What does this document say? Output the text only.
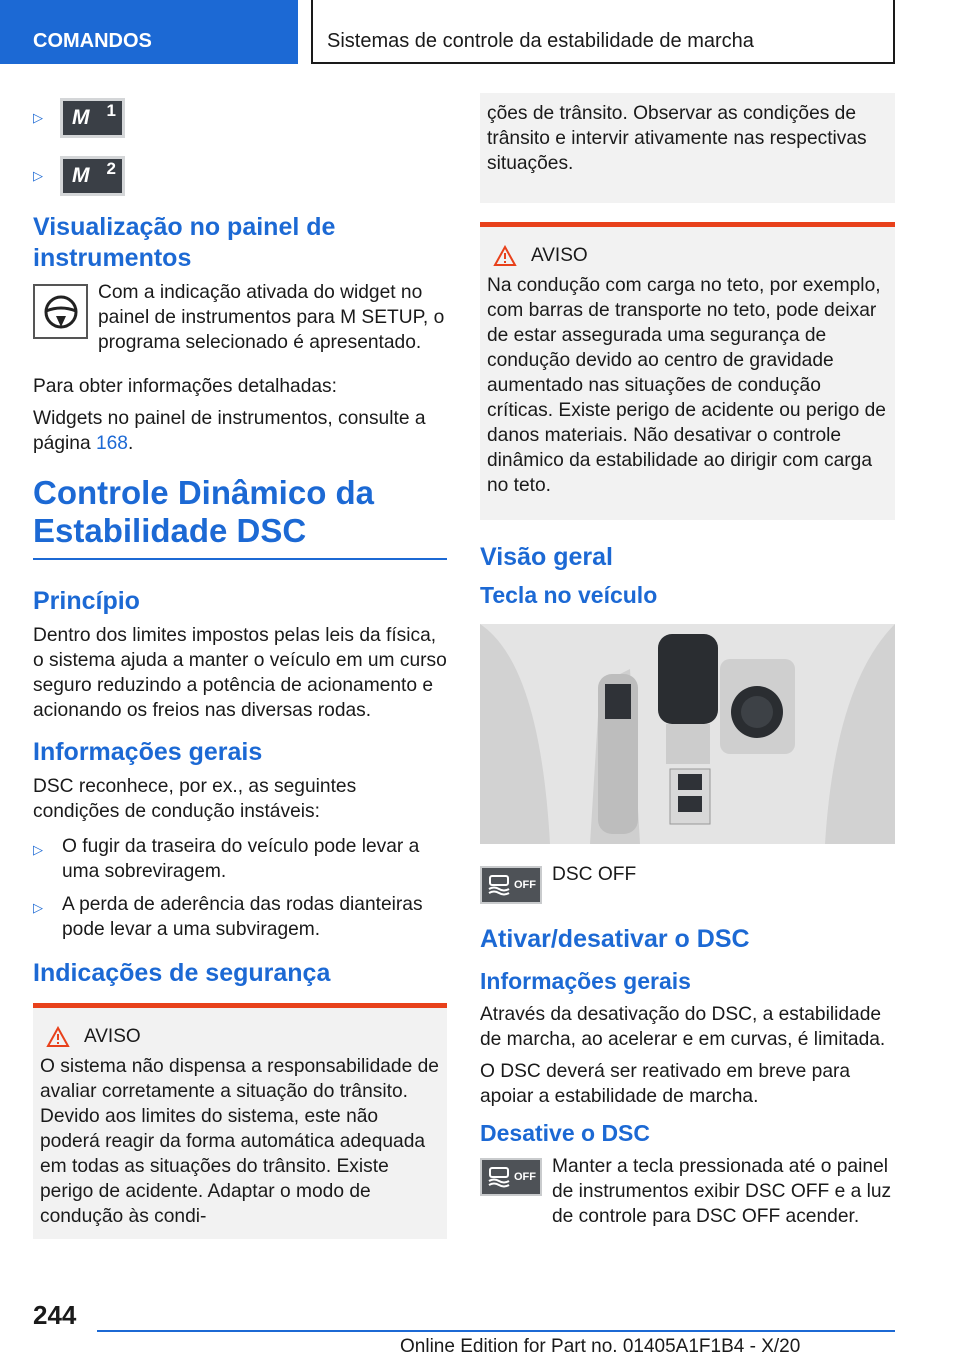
COMANDOS	Sistemas de controle da estabilidade de marcha
▷	M 1
▷	M 2
Visualização no painel de instrumentos
Com a indicação ativada do widget no painel de instrumentos para M SETUP, o programa selecionado é apresentado.
Para obter informações detalhadas:
Widgets no painel de instrumentos, consulte a página 168.
Controle Dinâmico da Estabilidade DSC
Princípio
Dentro dos limites impostos pelas leis da física, o sistema ajuda a manter o veículo em um curso seguro reduzindo a potência de acionamento e acionando os freios nas diversas rodas.
Informações gerais
DSC reconhece, por ex., as seguintes condições de condução instáveis:
▷ O fugir da traseira do veículo pode levar a uma sobreviragem.
▷ A perda de aderência das rodas dianteiras pode levar a uma subviragem.
Indicações de segurança
AVISO
O sistema não dispensa a responsabilidade de avaliar corretamente a situação do trânsito. Devido aos limites do sistema, este não poderá reagir da forma automática adequada em todas as situações do trânsito. Existe perigo de acidente. Adaptar o modo de condução às condi-
ções de trânsito. Observar as condições de trânsito e intervir ativamente nas respectivas situações.
AVISO
Na condução com carga no teto, por exemplo, com barras de transporte no teto, pode deixar de estar assegurada uma segurança de condução devido ao centro de gravidade aumentado nas situações de condução críticas. Existe perigo de acidente ou perigo de danos materiais. Não desativar o controle dinâmico da estabilidade ao dirigir com carga no teto.
Visão geral
Tecla no veículo
OFF DSC OFF
Ativar/desativar o DSC
Informações gerais
Através da desativação do DSC, a estabilidade de marcha, ao acelerar e em curvas, é limitada.
O DSC deverá ser reativado em breve para apoiar a estabilidade de marcha.
Desative o DSC
OFF Manter a tecla pressionada até o painel de instrumentos exibir DSC OFF e a luz de controle para DSC OFF acender.
244
Online Edition for Part no. 01405A1F1B4 - X/20
